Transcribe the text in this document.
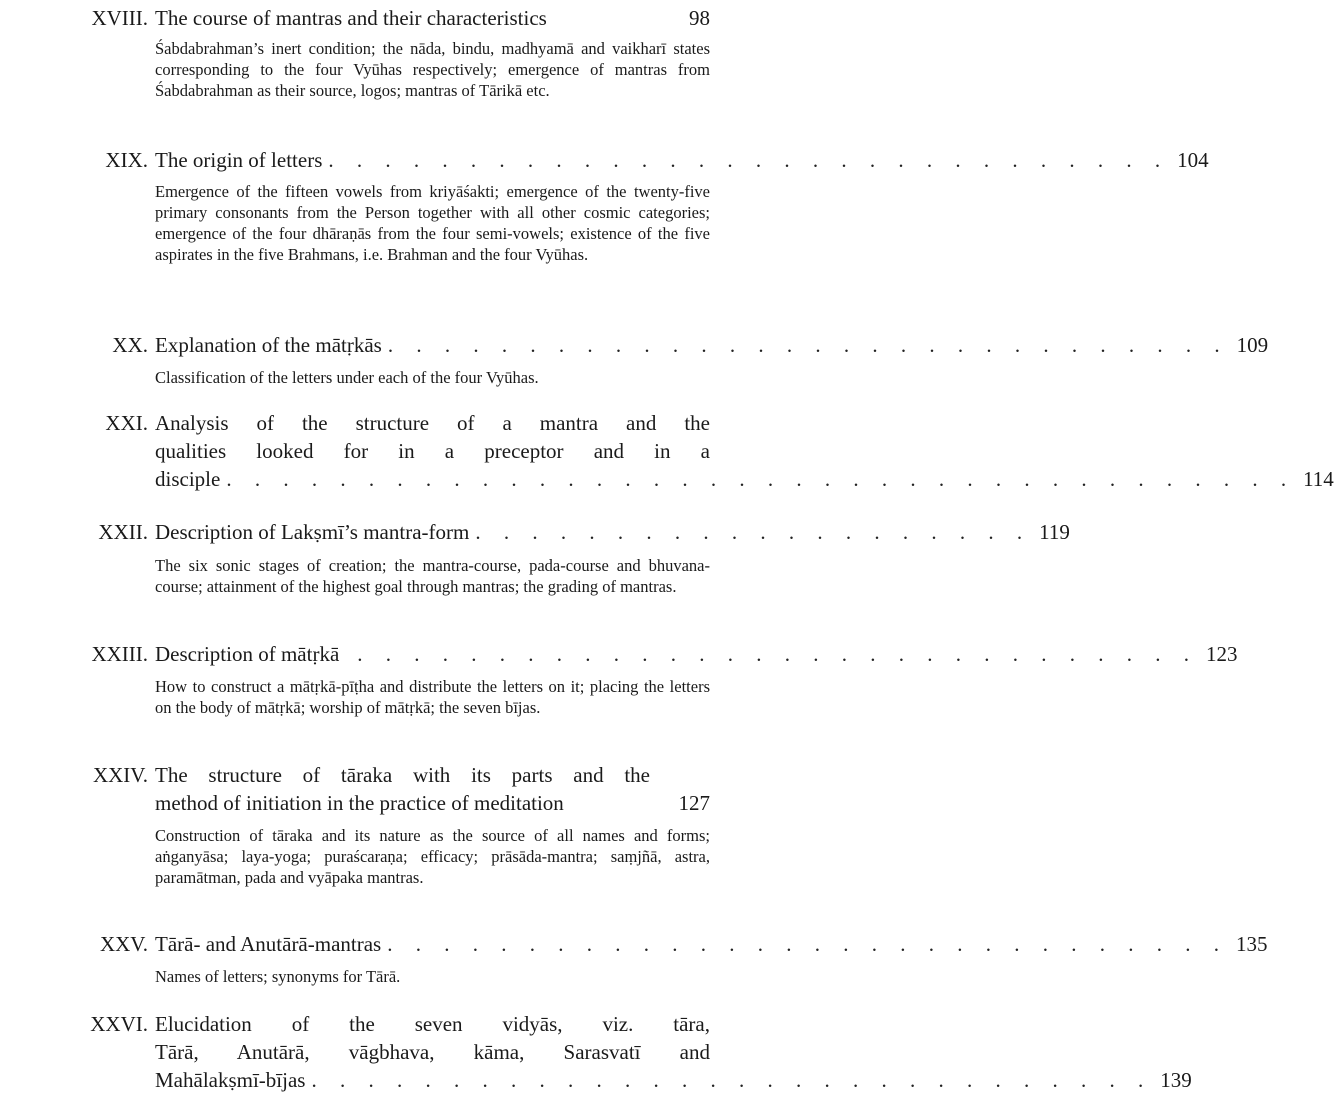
XVIII. The course of mantras and their characteristics	98
Śabdabrahman’s inert condition; the nāda, bindu, madhyamā and vaikharī states corresponding to the four Vyūhas respectively; emergence of mantras from Śabdabrahman as their source, logos; mantras of Tārikā etc.
XIX. The origin of letters . . . . . . . . . . . . . . . . . . . . . . . . . . . . . . 104
Emergence of the fifteen vowels from kriyāśakti; emergence of the twenty-five primary consonants from the Person together with all other cosmic categories; emergence of the four dhāraṇās from the four semi-vowels; existence of the five aspirates in the five Brahmans, i.e. Brahman and the four Vyūhas.
XX. Explanation of the mātṛkās . . . . . . . . . . . . . . . . . . . . . . . . . . . . . . 109
Classification of the letters under each of the four Vyūhas.
XXI. Analysis of the structure of a mantra and the
qualities looked for in a preceptor and in a
disciple . . . . . . . . . . . . . . . . . . . . . . . . . . . . . . . . . . . . . . 114
XXII. Description of Lakṣmī’s mantra-form . . . . . . . . . . . . . . . . . . . . 119
The six sonic stages of creation; the mantra-course, pada-course and bhuvana-course; attainment of the highest goal through mantras; the grading of mantras.
XXIII. Description of mātṛkā . . . . . . . . . . . . . . . . . . . . . . . . . . . . . . 123
How to construct a mātṛkā-pīṭha and distribute the letters on it; placing the letters on the body of mātṛkā; worship of mātṛkā; the seven bījas.
XXIV. The structure of tāraka with its parts and the
method of initiation in the practice of meditation	127
Construction of tāraka and its nature as the source of all names and forms; aṅganyāsa; laya-yoga; puraścaraṇa; efficacy; prāsāda-mantra; saṃjñā, astra, paramātman, pada and vyāpaka mantras.
XXV. Tārā- and Anutārā-mantras . . . . . . . . . . . . . . . . . . . . . . . . . . . . . . 135
Names of letters; synonyms for Tārā.
XXVI. Elucidation of the seven vidyās, viz. tāra,
Tārā, Anutārā, vāgbhava, kāma, Sarasvatī and
Mahālakṣmī-bījas . . . . . . . . . . . . . . . . . . . . . . . . . . . . . . 139
